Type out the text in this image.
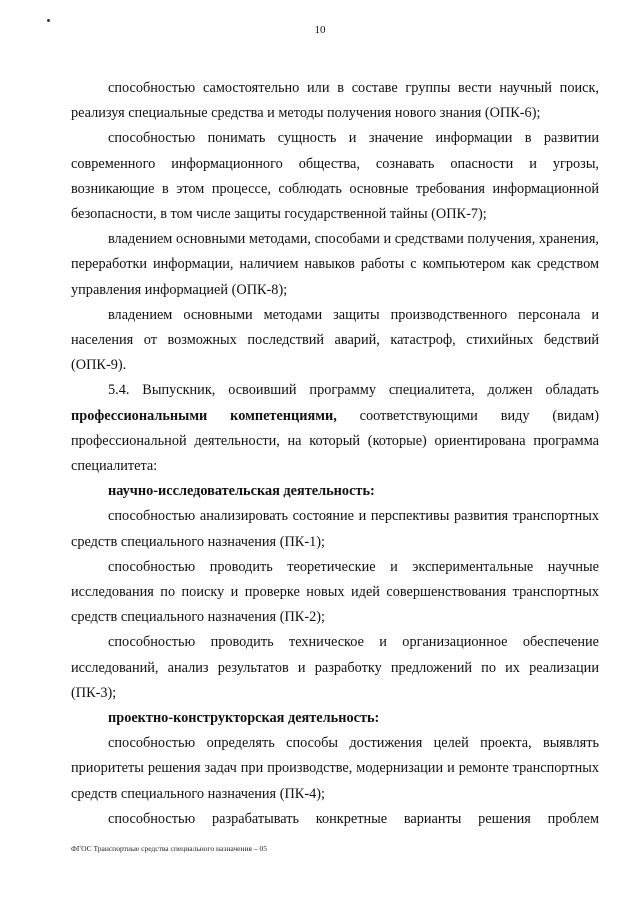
10

способностью самостоятельно или в составе группы вести научный поиск, реализуя специальные средства и методы получения нового знания (ОПК-6);

способностью понимать сущность и значение информации в развитии современного информационного общества, сознавать опасности и угрозы, возникающие в этом процессе, соблюдать основные требования информационной безопасности, в том числе защиты государственной тайны (ОПК-7);

владением основными методами, способами и средствами получения, хранения, переработки информации, наличием навыков работы с компьютером как средством управления информацией (ОПК-8);

владением основными методами защиты производственного персонала и населения от возможных последствий аварий, катастроф, стихийных бедствий (ОПК-9).

5.4. Выпускник, освоивший программу специалитета, должен обладать профессиональными компетенциями, соответствующими виду (видам) профессиональной деятельности, на который (которые) ориентирована программа специалитета:

научно-исследовательская деятельность:

способностью анализировать состояние и перспективы развития транспортных средств специального назначения (ПК-1);

способностью проводить теоретические и экспериментальные научные исследования по поиску и проверке новых идей совершенствования транспортных средств специального назначения (ПК-2);

способностью проводить техническое и организационное обеспечение исследований, анализ результатов и разработку предложений по их реализации (ПК-3);

проектно-конструкторская деятельность:

способностью определять способы достижения целей проекта, выявлять приоритеты решения задач при производстве, модернизации и ремонте транспортных средств специального назначения (ПК-4);

способностью разрабатывать конкретные варианты решения проблем

ФГОС Транспортные средства специального назначения – 05
